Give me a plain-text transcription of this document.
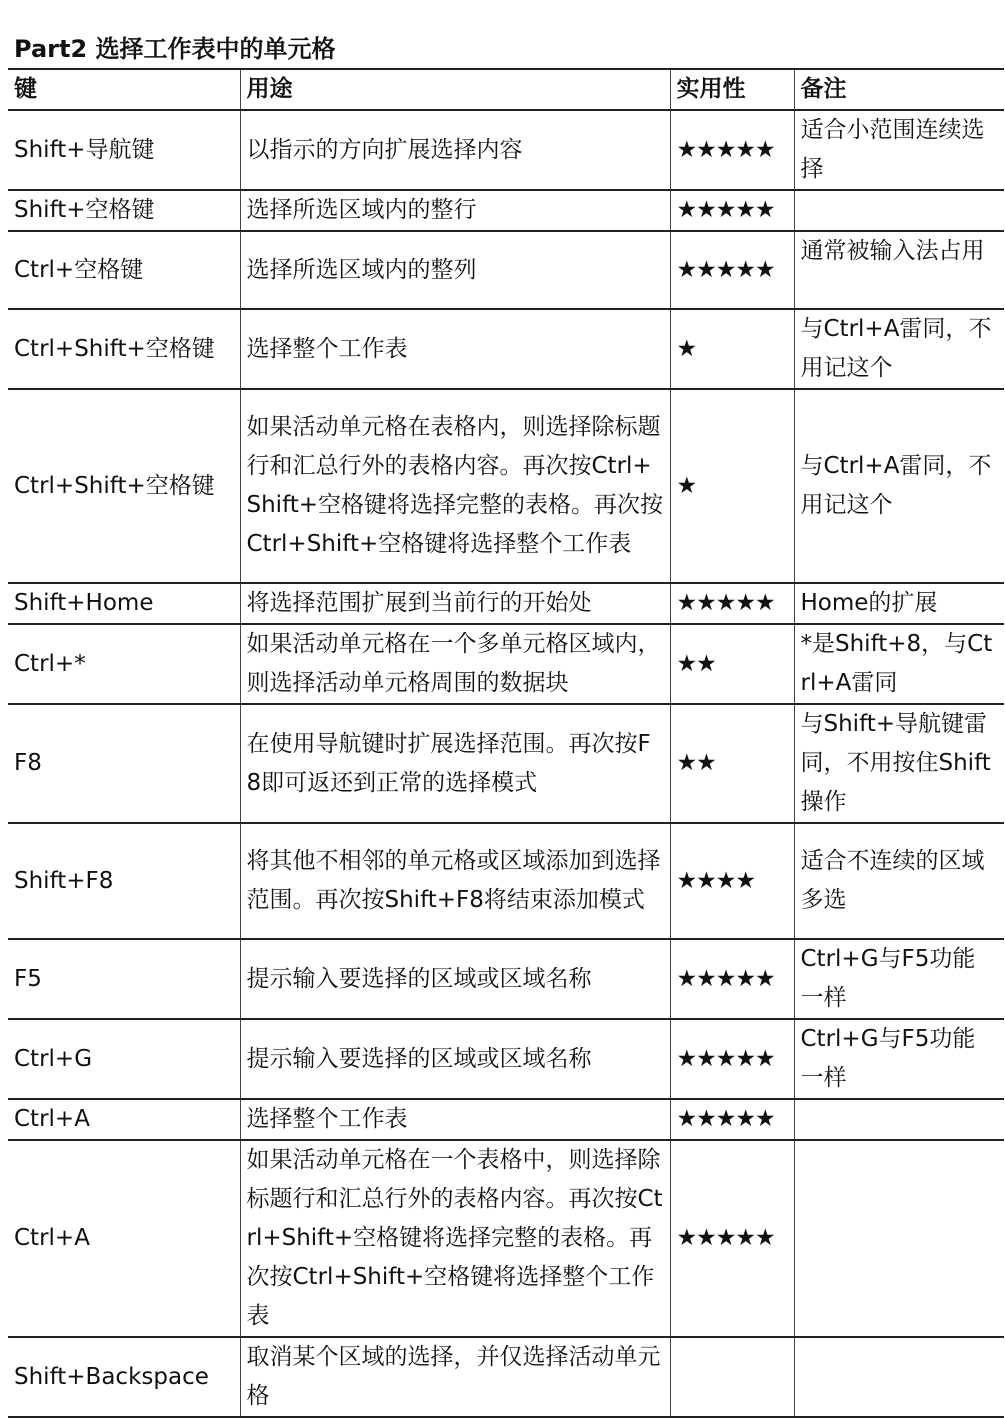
Part2 选择工作表中的单元格
键	用途	实用性	备注
Shift+导航键	以指示的方向扩展选择内容	★★★★★	适合小范围连续选择
Shift+空格键	选择所选区域内的整行	★★★★★	
Ctrl+空格键	选择所选区域内的整列	★★★★★	通常被输入法占用
Ctrl+Shift+空格键	选择整个工作表	★	与Ctrl+A雷同，不用记这个
Ctrl+Shift+空格键	如果活动单元格在表格内，则选择除标题行和汇总行外的表格内容。再次按Ctrl+Shift+空格键将选择完整的表格。再次按Ctrl+Shift+空格键将选择整个工作表	★	与Ctrl+A雷同，不用记这个
Shift+Home	将选择范围扩展到当前行的开始处	★★★★★	Home的扩展
Ctrl+*	如果活动单元格在一个多单元格区域内，则选择活动单元格周围的数据块	★★	*是Shift+8，与Ctrl+A雷同
F8	在使用导航键时扩展选择范围。再次按F8即可返还到正常的选择模式	★★	与Shift+导航键雷同，不用按住Shift操作
Shift+F8	将其他不相邻的单元格或区域添加到选择范围。再次按Shift+F8将结束添加模式	★★★★	适合不连续的区域多选
F5	提示输入要选择的区域或区域名称	★★★★★	Ctrl+G与F5功能一样
Ctrl+G	提示输入要选择的区域或区域名称	★★★★★	Ctrl+G与F5功能一样
Ctrl+A	选择整个工作表	★★★★★	
Ctrl+A	如果活动单元格在一个表格中，则选择除标题行和汇总行外的表格内容。再次按Ctrl+Shift+空格键将选择完整的表格。再次按Ctrl+Shift+空格键将选择整个工作表	★★★★★	
Shift+Backspace	取消某个区域的选择，并仅选择活动单元格		
